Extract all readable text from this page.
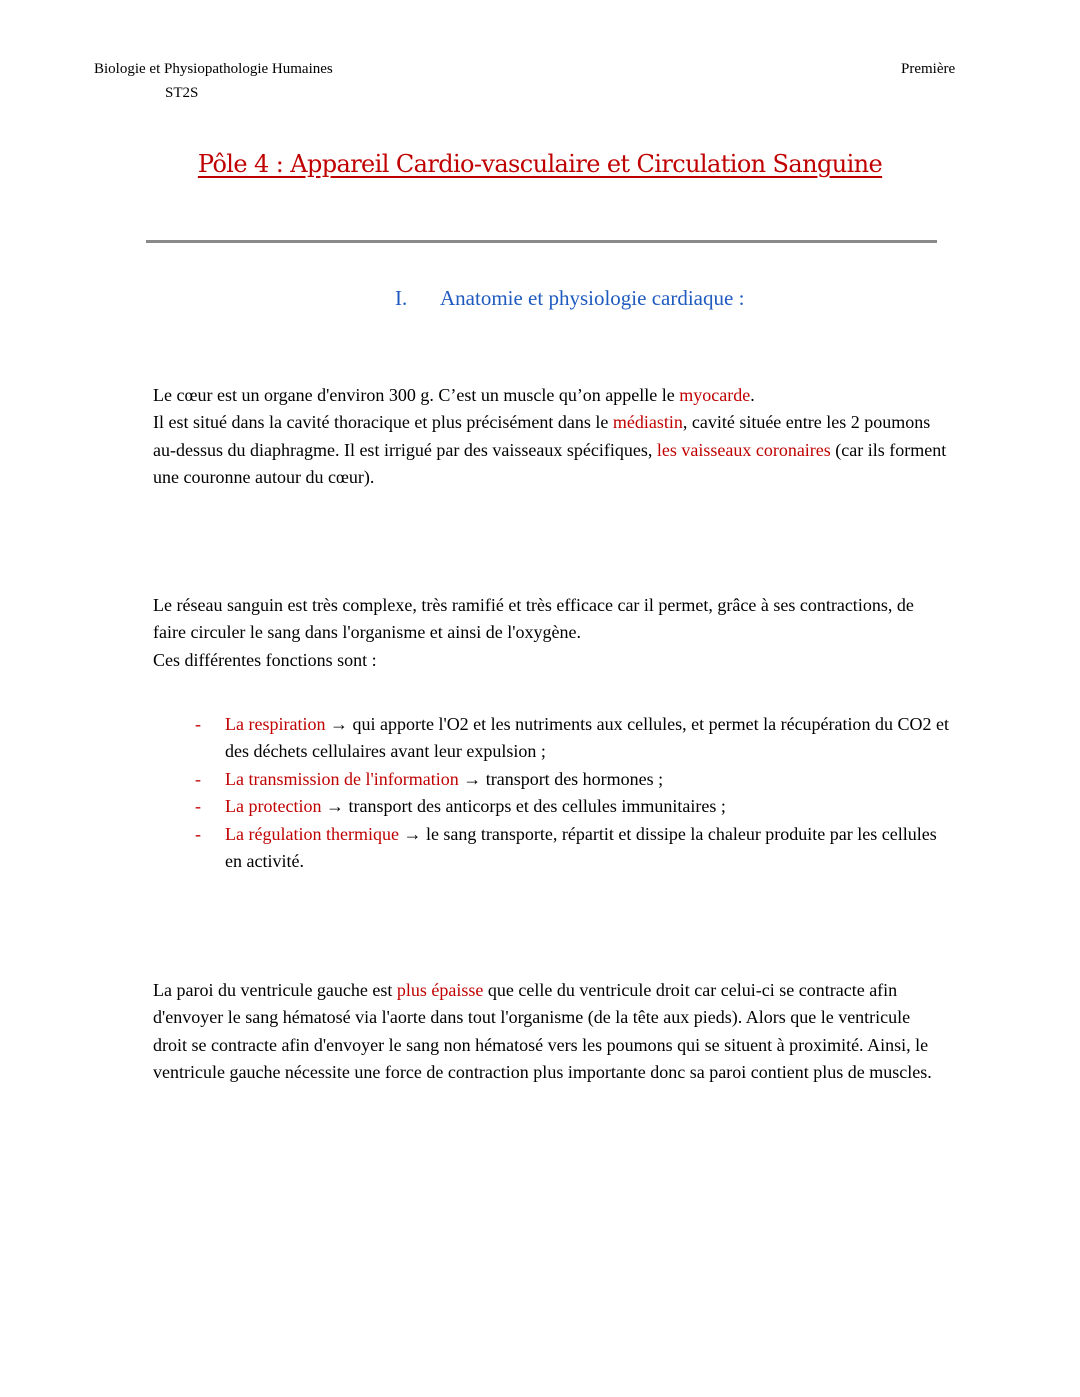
Biologie et Physiopathologie Humaines
ST2S
Première
Pôle 4 : Appareil Cardio-vasculaire et Circulation Sanguine
I. Anatomie et physiologie cardiaque :
Le cœur est un organe d'environ 300 g. C’est un muscle qu’on appelle le myocarde.
Il est situé dans la cavité thoracique et plus précisément dans le médiastin, cavité située entre les 2 poumons au-dessus du diaphragme. Il est irrigué par des vaisseaux spécifiques, les vaisseaux coronaires (car ils forment une couronne autour du cœur).
Le réseau sanguin est très complexe, très ramifié et très efficace car il permet, grâce à ses contractions, de faire circuler le sang dans l'organisme et ainsi de l'oxygène.
Ces différentes fonctions sont :
- La respiration → qui apporte l'O2 et les nutriments aux cellules, et permet la récupération du CO2 et des déchets cellulaires avant leur expulsion ;
- La transmission de l'information → transport des hormones ;
- La protection → transport des anticorps et des cellules immunitaires ;
- La régulation thermique → le sang transporte, répartit et dissipe la chaleur produite par les cellules en activité.
La paroi du ventricule gauche est plus épaisse que celle du ventricule droit car celui-ci se contracte afin d'envoyer le sang hématosé via l'aorte dans tout l'organisme (de la tête aux pieds). Alors que le ventricule droit se contracte afin d'envoyer le sang non hématosé vers les poumons qui se situent à proximité. Ainsi, le ventricule gauche nécessite une force de contraction plus importante donc sa paroi contient plus de muscles.
